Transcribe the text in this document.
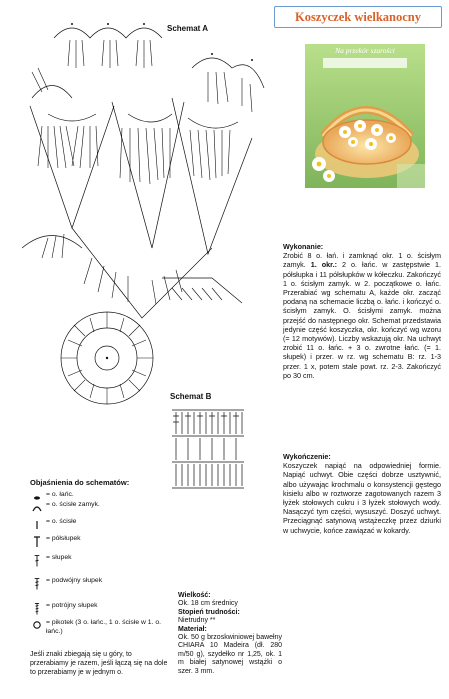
Koszyczek wielkanocny
Na przekór szarości
Schemat A
Schemat B
Wykonanie:
Zrobić 8 o. łań. i zamknąć okr. 1 o. ścisłym zamyk. 1. okr.: 2 o. łańc. w zastępstwie 1. półsłupka i 11 półsłupków w kółeczku. Zakończyć 1 o. ścisłym zamyk. w 2. początkowe o. łańc. Przerabiać wg schematu A, każde okr. zacząć podaną na schemacie liczbą o. łańc. i kończyć o. ścisłym zamyk. O. ścisłymi zamyk. można przejść do następnego okr. Schemat przedstawia jedynie część koszyczka, okr. kończyć wg wzoru (= 12 motywów). Liczby wskazują okr. Na uchwyt zrobić 11 o. łańc. + 3 o. zwrotne łańc. (= 1. słupek) i przer. w rz. wg schematu B: rz. 1-3 przer. 1 x, potem stale powt. rz. 2-3. Zakończyć po 30 cm.
Wykończenie:
Koszyczek napiąć na odpowiedniej formie. Napiąć uchwyt. Obie części dobrze usztywnić, albo używając krochmalu o konsystencji gęstego kisielu albo w roztworze zagotowanych razem 3 łyżek stołowych cukru i 3 łyżek stołowych wody. Nasączyć tym części, wysuszyć. Doszyć uchwyt. Przeciągnąć satynową wstążeczkę przez dziurki w uchwycie, końce zawiązać w kokardy.
Objaśnienia do schematów:
= o. łańc.
= o. ścisłe zamyk.
= o. ścisłe
= półsłupek
= słupek
= podwójny słupek
= potrójny słupek
= pikotek (3 o. łańc., 1 o. ścisłe w 1. o. łańc.)
Jeśli znaki zbiegają się u góry, to przerabiamy je razem, jeśli łączą się na dole to przerabiamy je w jednym o.
Wielkość:
Ok. 18 cm średnicy
Stopień trudności:
Nietrudny **
Materiał:
Ok. 50 g brzoskwiniowej bawełny CHIARA 10 Madeira (dł. 280 m/50 g), szydełko nr 1,25, ok. 1 m białej satynowej wstążki o szer. 3 mm.
